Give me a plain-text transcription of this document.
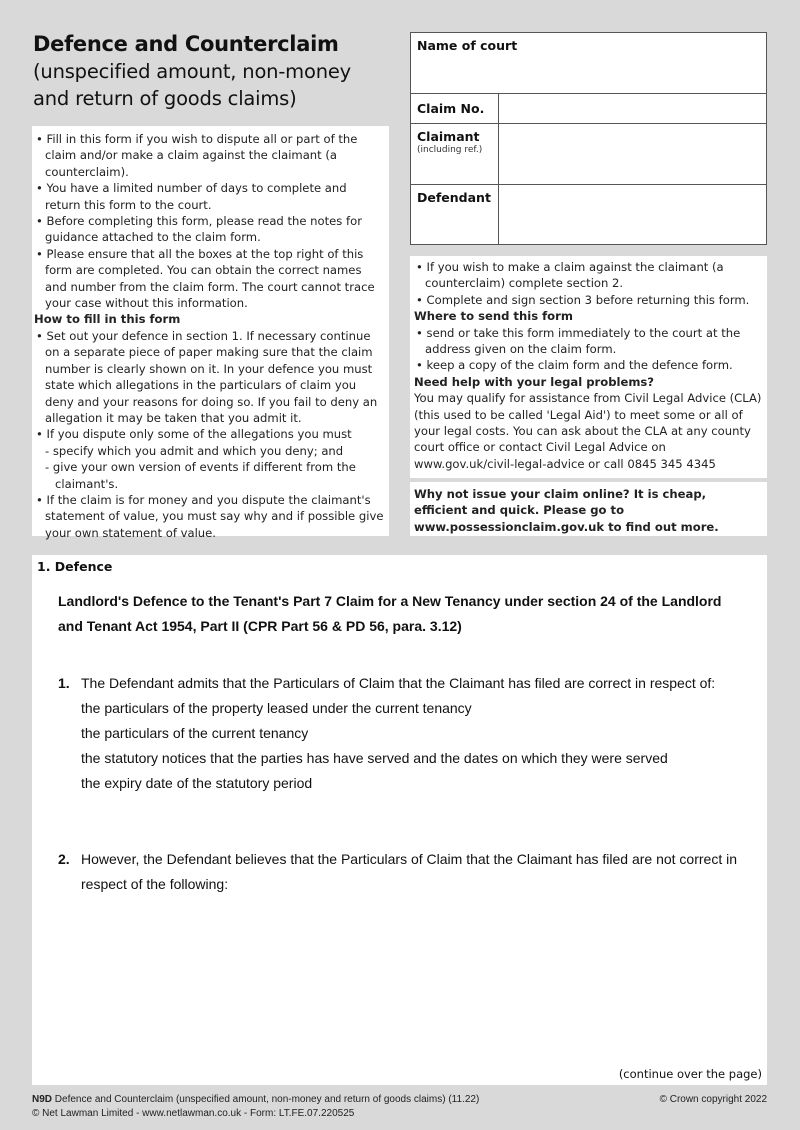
Defence and Counterclaim
(unspecified amount, non-money
and return of goods claims)
Name of court
Claim No.
Claimant
(including ref.)
Defendant
• Fill in this form if you wish to dispute all or part of the claim and/or make a claim against the claimant (a counterclaim).
• You have a limited number of days to complete and return this form to the court.
• Before completing this form, please read the notes for guidance attached to the claim form.
• Please ensure that all the boxes at the top right of this form are completed. You can obtain the correct names and number from the claim form. The court cannot trace your case without this information.
How to fill in this form
• Set out your defence in section 1. If necessary continue on a separate piece of paper making sure that the claim number is clearly shown on it. In your defence you must state which allegations in the particulars of claim you deny and your reasons for doing so. If you fail to deny an allegation it may be taken that you admit it.
• If you dispute only some of the allegations you must
- specify which you admit and which you deny; and
- give your own version of events if different from the claimant's.
• If the claim is for money and you dispute the claimant's statement of value, you must say why and if possible give your own statement of value.
• If you wish to make a claim against the claimant (a counterclaim) complete section 2.
• Complete and sign section 3 before returning this form.
Where to send this form
• send or take this form immediately to the court at the address given on the claim form.
• keep a copy of the claim form and the defence form.
Need help with your legal problems?
You may qualify for assistance from Civil Legal Advice (CLA) (this used to be called 'Legal Aid') to meet some or all of your legal costs. You can ask about the CLA at any county court office or contact Civil Legal Advice on www.gov.uk/civil-legal-advice or call 0845 345 4345
Why not issue your claim online? It is cheap, efficient and quick. Please go to www.possessionclaim.gov.uk to find out more.
1. Defence
Landlord's Defence to the Tenant's Part 7 Claim for a New Tenancy under section 24 of the Landlord and Tenant Act 1954, Part II (CPR Part 56 & PD 56, para. 3.12)
1. The Defendant admits that the Particulars of Claim that the Claimant has filed are correct in respect of:
the particulars of the property leased under the current tenancy
the particulars of the current tenancy
the statutory notices that the parties has have served and the dates on which they were served
the expiry date of the statutory period
2. However, the Defendant believes that the Particulars of Claim that the Claimant has filed are not correct in respect of the following:
(continue over the page)
N9D Defence and Counterclaim (unspecified amount, non-money and return of goods claims) (11.22)	© Crown copyright 2022
© Net Lawman Limited - www.netlawman.co.uk - Form: LT.FE.07.220525
